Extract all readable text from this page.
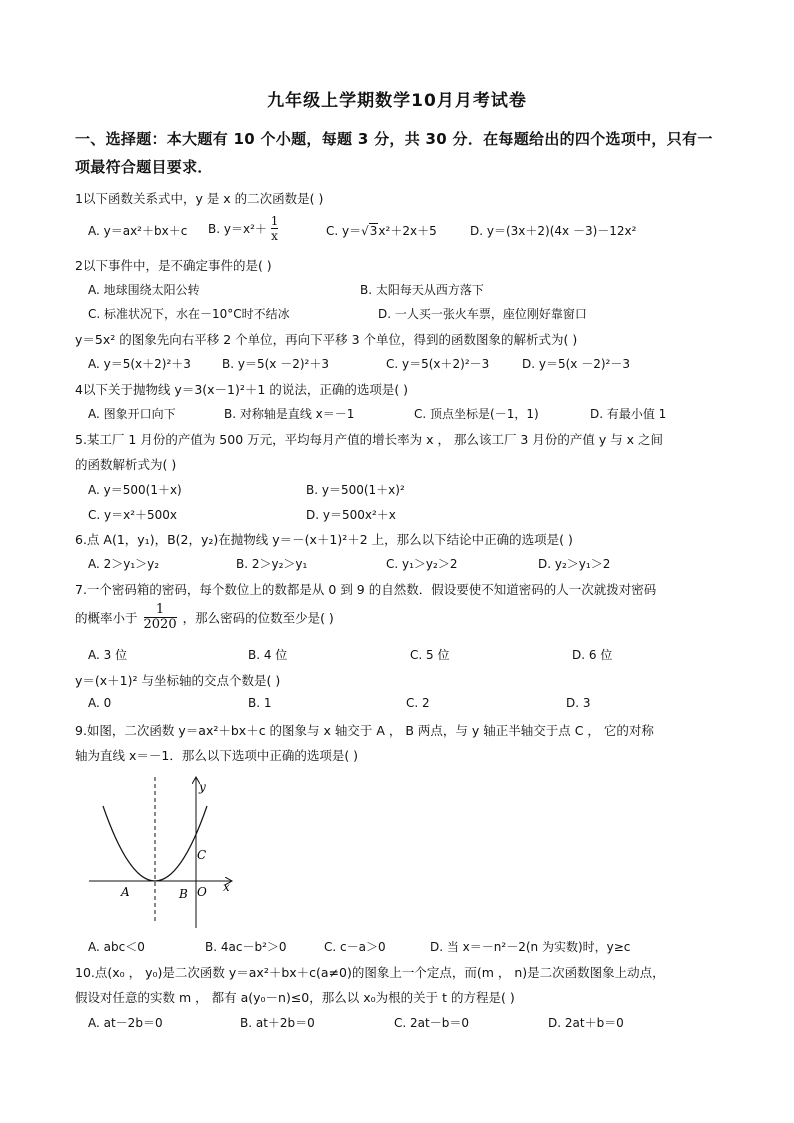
九年级上学期数学10月月考试卷
一、选择题：本大题有 10 个小题，每题 3 分，共 30 分．在每题给出的四个选项中，只有一
项最符合题目要求．
1以下函数关系式中，y 是 x 的二次函数是( )
A. y＝ax²＋bx＋c B. $y=x^2+ \frac{1}{x}$	C. y＝√3x²＋2x＋5	D. y＝(3x＋2)(4x －3)－12x²
2以下事件中，是不确定事件的是( )
A. 地球围绕太阳公转	B. 太阳每天从西方落下
C. 标准状况下，水在－10°C时不结冰	D. 一人买一张火车票，座位刚好靠窗口
y＝5x² 的图象先向右平移 2 个单位，再向下平移 3 个单位，得到的函数图象的解析式为( )
A. y＝5(x＋2)²＋3	B. y＝5(x －2)²＋3	C. y＝5(x＋2)²－3	D. y＝5(x －2)²－3
4以下关于抛物线 y＝3(x－1)²＋1 的说法，正确的选项是( )
A. 图象开口向下	B. 对称轴是直线 x＝－1	C. 顶点坐标是(－1，1)	D. 有最小值 1
5.某工厂 1 月份的产值为 500 万元，平均每月产值的增长率为 x ， 那么该工厂 3 月份的产值 y 与 x 之间
的函数解析式为( )
A. y＝500(1＋x)	B. y＝500(1＋x)²
C. y＝x²＋500x	D. y＝500x²＋x
6.点 A(1，y₁)，B(2，y₂)在抛物线 y＝－(x＋1)²＋2 上，那么以下结论中正确的选项是( )
A. 2＞y₁＞y₂	B. 2＞y₂＞y₁	C. y₁＞y₂＞2	D. y₂＞y₁＞2
7.一个密码箱的密码，每个数位上的数都是从 0 到 9 的自然数．假设要使不知道密码的人一次就拨对密码
的概率小于 $\frac{1}{2020}$ ，那么密码的位数至少是( )
A. 3 位	B. 4 位	C. 5 位	D. 6 位
y＝(x＋1)² 与坐标轴的交点个数是( )
A. 0	B. 1	C. 2	D. 3
9.如图，二次函数 y＝ax²＋bx＋c 的图象与 x 轴交于 A ， B 两点，与 y 轴正半轴交于点 C ， 它的对称
轴为直线 x＝－1．那么以下选项中正确的选项是( )
y
x
A	B O
C
A. abc＜0	B. 4ac－b²＞0	C. c－a＞0	D. 当 x＝－n²－2(n 为实数)时，y≥c
10.点(x₀ ， y₀)是二次函数 y＝ax²＋bx＋c(a≠0)的图象上一个定点，而(m ， n)是二次函数图象上动点，
假设对任意的实数 m ， 都有 a(y₀－n)≤0，那么以 x₀为根的关于 t 的方程是( )
A. at－2b＝0	B. at＋2b＝0	C. 2at－b＝0	D. 2at＋b＝0
